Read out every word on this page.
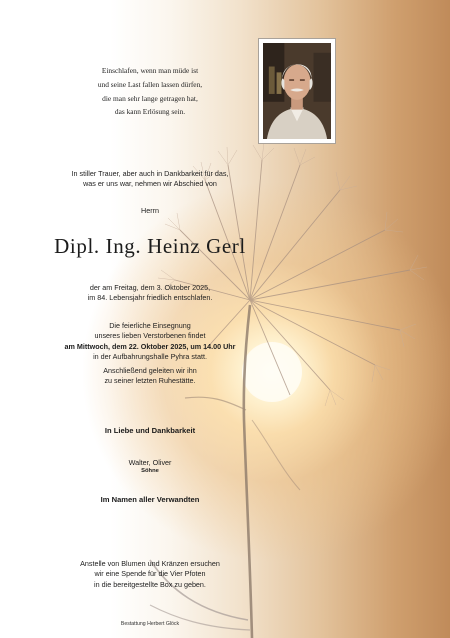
Einschlafen, wenn man müde ist
und seine Last fallen lassen dürfen,
die man sehr lange getragen hat,
das kann Erlösung sein.
In stiller Trauer, aber auch in Dankbarkeit für das,
was er uns war, nehmen wir Abschied von
Herrn
Dipl. Ing. Heinz Gerl
der am Freitag, dem 3. Oktober 2025,
im 84. Lebensjahr friedlich entschlafen.
Die feierliche Einsegnung
unseres lieben Verstorbenen findet
am Mittwoch, dem 22. Oktober 2025, um 14.00 Uhr
in der Aufbahrungshalle Pyhra statt.
Anschließend geleiten wir ihn
zu seiner letzten Ruhestätte.
In Liebe und Dankbarkeit
Walter, Oliver
Söhne
Im Namen aller Verwandten
Anstelle von Blumen und Kränzen ersuchen
wir eine Spende für die Vier Pfoten
in die bereitgestellte Box zu geben.
Bestattung Herbert Glöck
